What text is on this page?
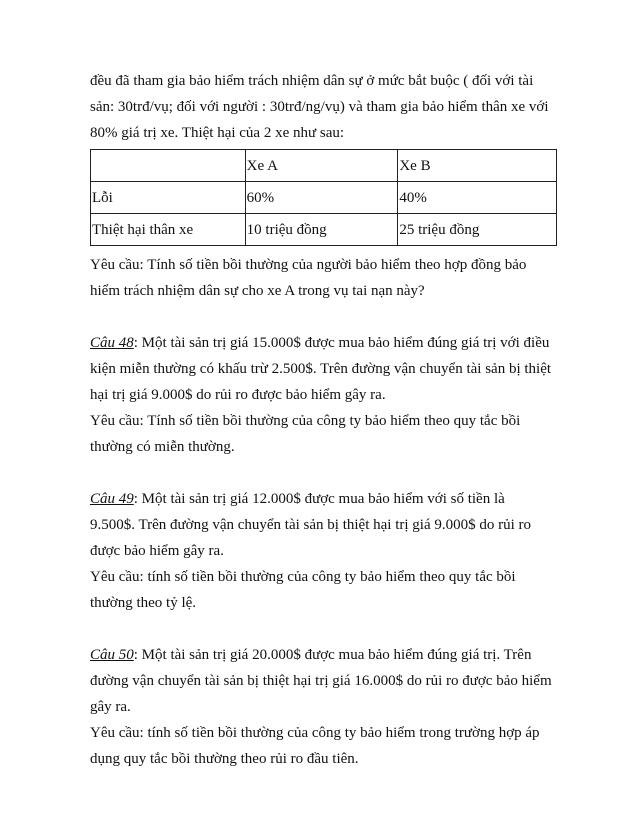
đều đã tham gia bảo hiểm trách nhiệm dân sự ở mức bắt buộc ( đối với tài
sản: 30trđ/vụ; đối với người : 30trđ/ng/vụ) và tham gia bảo hiểm thân xe với
80% giá trị xe. Thiệt hại của 2 xe như sau:
	Xe A	Xe B
Lỗi	60%	40%
Thiệt hại thân xe	10 triệu đồng	25 triệu đồng
Yêu cầu: Tính số tiền bồi thường của người bảo hiểm theo hợp đồng bảo
hiểm trách nhiệm dân sự cho xe A trong vụ tai nạn này?
Câu 48: Một tài sản trị giá 15.000$ được mua bảo hiểm đúng giá trị với điều
kiện miễn thường có khấu trừ 2.500$. Trên đường vận chuyển tài sản bị thiệt
hại trị giá 9.000$ do rủi ro được bảo hiểm gây ra.
Yêu cầu: Tính số tiền bồi thường của công ty bảo hiểm theo quy tắc bồi
thường có miễn thường.
Câu 49: Một tài sản trị giá 12.000$ được mua bảo hiểm với số tiền là
9.500$. Trên đường vận chuyển tài sản bị thiệt hại trị giá 9.000$ do rủi ro
được bảo hiểm gây ra.
Yêu cầu: tính số tiền bồi thường của công ty bảo hiểm theo quy tắc bồi
thường theo tỷ lệ.
Câu 50: Một tài sản trị giá 20.000$ được mua bảo hiểm đúng giá trị. Trên
đường vận chuyển tài sản bị thiệt hại trị giá 16.000$ do rủi ro được bảo hiểm
gây ra.
Yêu cầu: tính số tiền bồi thường của công ty bảo hiểm trong trường hợp áp
dụng quy tắc bồi thường theo rủi ro đầu tiên.
